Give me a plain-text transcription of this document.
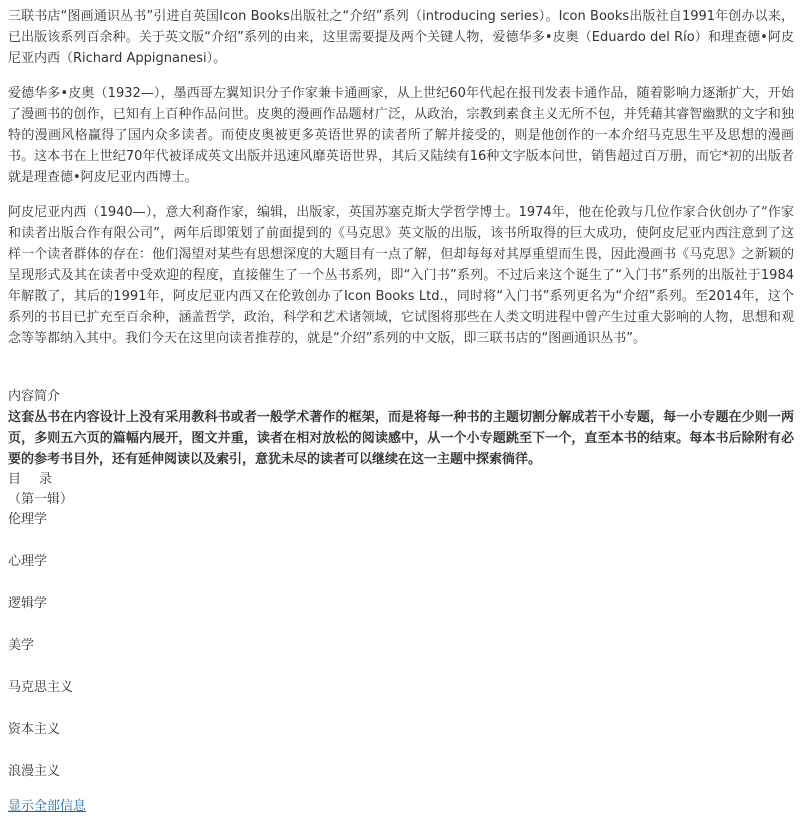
三联书店“图画通识丛书”引进自英国Icon Books出版社之“介绍”系列（introducing series）。Icon Books出版社自1991年创办以来，已出版该系列百余种。关于英文版“介绍”系列的由来，这里需要提及两个关键人物，爱德华多•皮奥（Eduardo del Río）和理查德•阿皮尼亚内西（Richard Appignanesi）。

爱德华多•皮奥（1932—），墨西哥左翼知识分子作家兼卡通画家，从上世纪60年代起在报刊发表卡通作品，随着影响力逐渐扩大，开始了漫画书的创作，已知有上百种作品问世。皮奥的漫画作品题材广泛，从政治，宗教到素食主义无所不包，并凭藉其睿智幽默的文字和独特的漫画风格赢得了国内众多读者。而使皮奥被更多英语世界的读者所了解并接受的，则是他创作的一本介绍马克思生平及思想的漫画书。这本书在上世纪70年代被译成英文出版并迅速风靡英语世界，其后又陆续有16种文字版本问世，销售超过百万册，而它*初的出版者就是理查德•阿皮尼亚内西博士。

阿皮尼亚内西（1940—），意大利裔作家，编辑，出版家，英国苏塞克斯大学哲学博士。1974年，他在伦敦与几位作家合伙创办了“作家和读者出版合作有限公司”，两年后即策划了前面提到的《马克思》英文版的出版，该书所取得的巨大成功，使阿皮尼亚内西注意到了这样一个读者群体的存在：他们渴望对某些有思想深度的大题目有一点了解，但却每每对其厚重望而生畏，因此漫画书《马克思》之新颖的呈现形式及其在读者中受欢迎的程度，直接催生了一个丛书系列，即“入门书”系列。不过后来这个诞生了“入门书”系列的出版社于1984年解散了，其后的1991年，阿皮尼亚内西又在伦敦创办了Icon Books Ltd.，同时将“入门书”系列更名为“介绍”系列。至2014年，这个系列的书目已扩充至百余种，涵盖哲学，政治，科学和艺术诸领域，它试图将那些在人类文明进程中曾产生过重大影响的人物，思想和观念等等都纳入其中。我们今天在这里向读者推荐的，就是“介绍”系列的中文版，即三联书店的“图画通识丛书”。

内容简介

这套丛书在内容设计上没有采用教科书或者一般学术著作的框架，而是将每一种书的主题切割分解成若干小专题，每一小专题在少则一两页，多则五六页的篇幅内展开，图文并重，读者在相对放松的阅读感中，从一个小专题跳至下一个，直至本书的结束。每本书后除附有必要的参考书目外，还有延伸阅读以及索引，意犹未尽的读者可以继续在这一主题中探索徜徉。

目录

（第一辑）

伦理学

心理学

逻辑学

美学

马克思主义

资本主义

浪漫主义

显示全部信息
